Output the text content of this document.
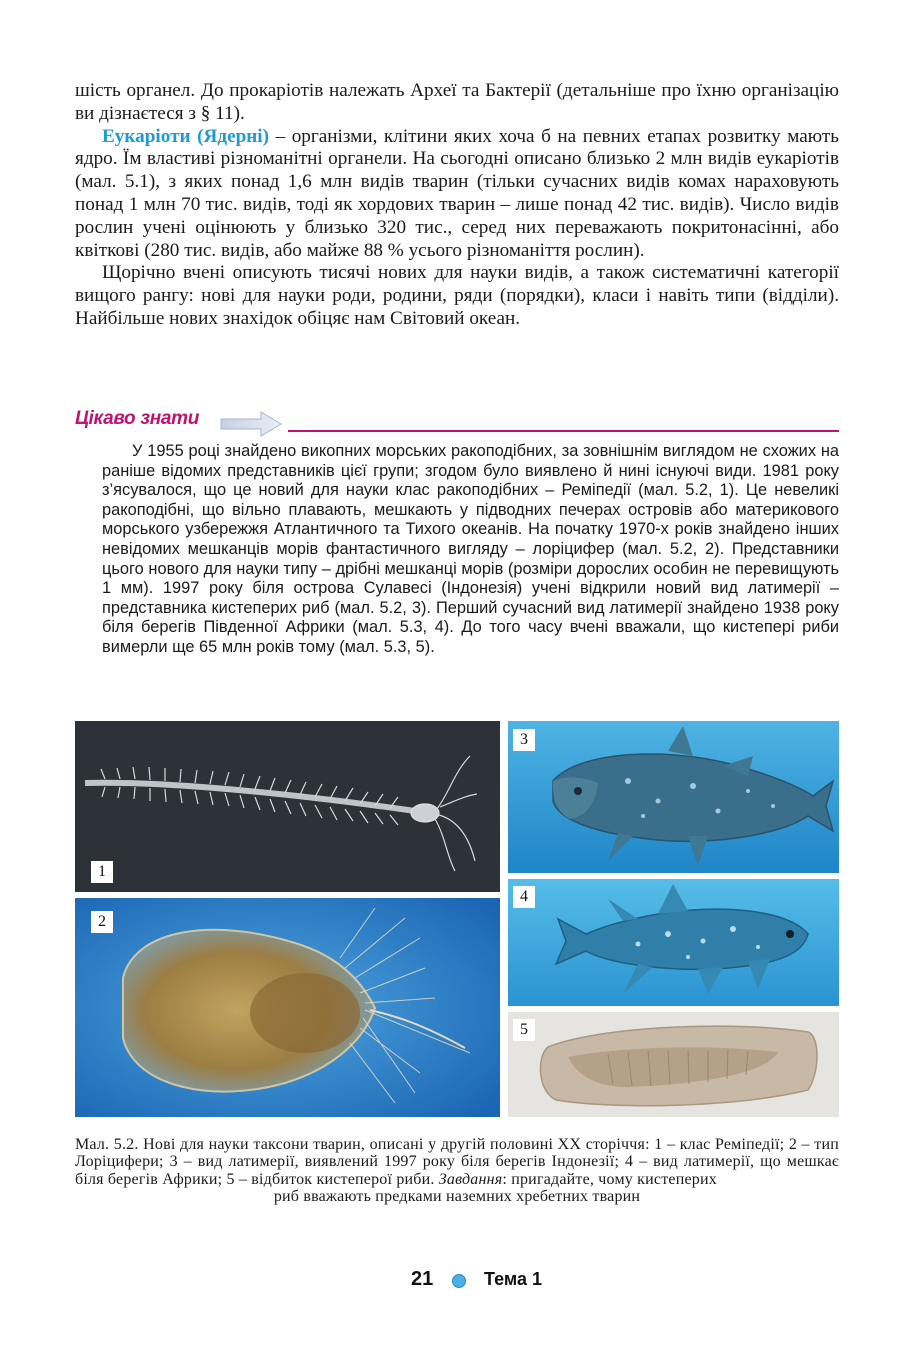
шість органел. До прокаріотів належать Археї та Бактерії (детальніше про їхню організацію ви дізнаєтеся з § 11).

Еукаріоти (Ядерні) – організми, клітини яких хоча б на певних етапах розвитку мають ядро. Їм властиві різноманітні органели. На сьогодні описано близько 2 млн видів еукаріотів (мал. 5.1), з яких понад 1,6 млн видів тварин (тільки сучасних видів комах нараховують понад 1 млн 70 тис. видів, тоді як хордових тварин – лише понад 42 тис. видів). Число видів рослин учені оцінюють у близько 320 тис., серед них переважають покритонасінні, або квіткові (280 тис. видів, або майже 88 % усього різноманіття рослин).

Щорічно вчені описують тисячі нових для науки видів, а також систематичні категорії вищого рангу: нові для науки роди, родини, ряди (порядки), класи і навіть типи (відділи). Найбільше нових знахідок обіцяє нам Світовий океан.

Цікаво знати

У 1955 році знайдено викопних морських ракоподібних, за зовнішнім виглядом не схожих на раніше відомих представників цієї групи; згодом було виявлено й нині існуючі види. 1981 року з’ясувалося, що це новий для науки клас ракоподібних – Реміпедії (мал. 5.2, 1). Це невеликі ракоподібні, що вільно плавають, мешкають у підводних печерах островів або материкового морського узбережжя Атлантичного та Тихого океанів. На початку 1970-х років знайдено інших невідомих мешканців морів фантастичного вигляду – лоріцифер (мал. 5.2, 2). Представники цього нового для науки типу – дрібні мешканці морів (розміри дорослих особин не перевищують 1 мм). 1997 року біля острова Сулавесі (Індонезія) учені відкрили новий вид латимерії – представника кистеперих риб (мал. 5.2, 3). Перший сучасний вид латимерії знайдено 1938 року біля берегів Південної Африки (мал. 5.3, 4). До того часу вчені вважали, що кистепері риби вимерли ще 65 млн років тому (мал. 5.3, 5).

1
2
3
4
5

Мал. 5.2. Нові для науки таксони тварин, описані у другій половині XX сторіччя: 1 – клас Реміпедії; 2 – тип Лоріцифери; 3 – вид латимерії, виявлений 1997 року біля берегів Індонезії; 4 – вид латимерії, що мешкає біля берегів Африки; 5 – відбиток кистеперої риби. Завдання: пригадайте, чому кистеперих

риб вважають предками наземних хребетних тварин

21	Тема 1
